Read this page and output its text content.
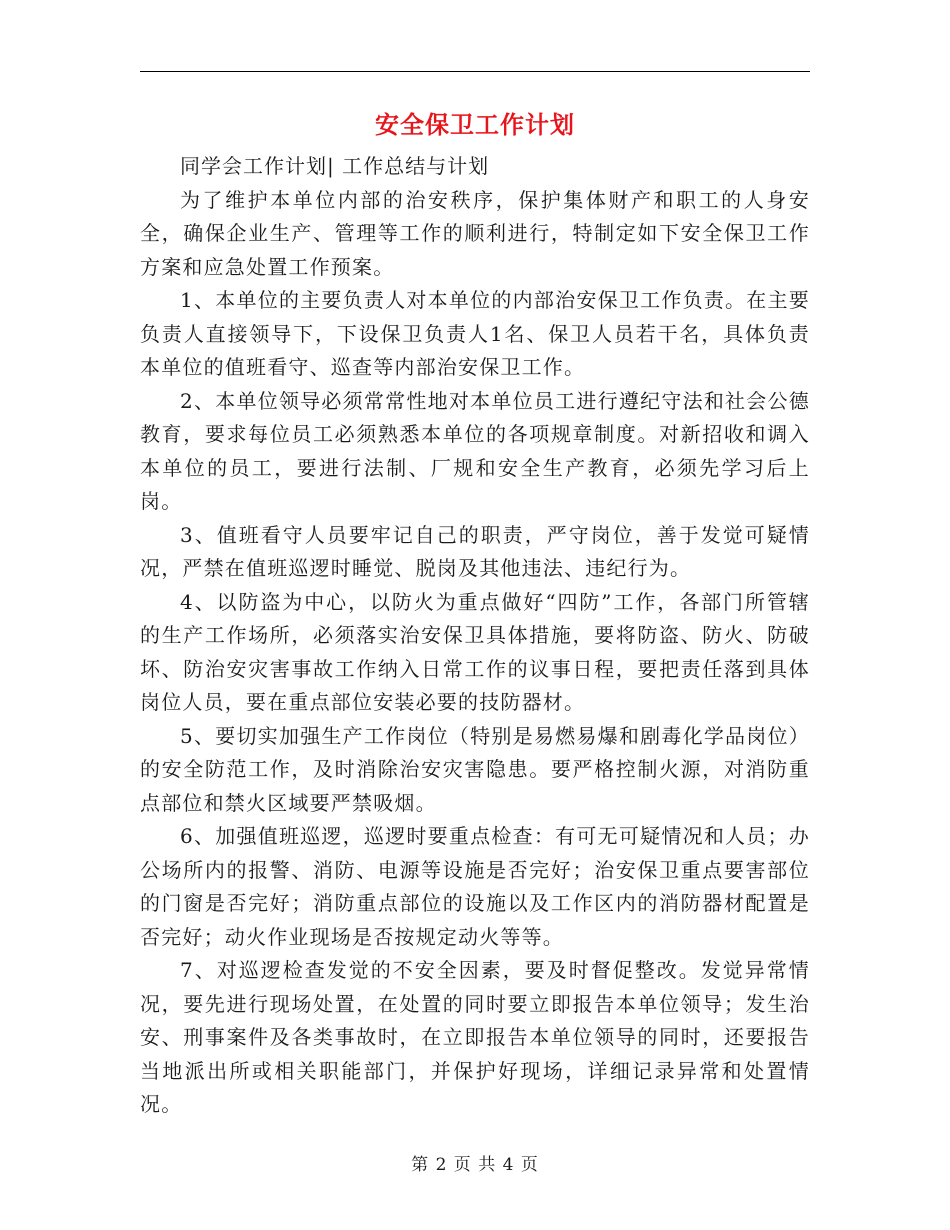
安全保卫工作计划

同学会工作计划| 工作总结与计划

为了维护本单位内部的治安秩序，保护集体财产和职工的人身安全，确保企业生产、管理等工作的顺利进行，特制定如下安全保卫工作方案和应急处置工作预案。

1、本单位的主要负责人对本单位的内部治安保卫工作负责。在主要负责人直接领导下，下设保卫负责人1名、保卫人员若干名，具体负责本单位的值班看守、巡查等内部治安保卫工作。

2、本单位领导必须常常性地对本单位员工进行遵纪守法和社会公德教育，要求每位员工必须熟悉本单位的各项规章制度。对新招收和调入本单位的员工，要进行法制、厂规和安全生产教育，必须先学习后上岗。

3、值班看守人员要牢记自己的职责，严守岗位，善于发觉可疑情况，严禁在值班巡逻时睡觉、脱岗及其他违法、违纪行为。

4、以防盗为中心，以防火为重点做好“四防”工作，各部门所管辖的生产工作场所，必须落实治安保卫具体措施，要将防盗、防火、防破坏、防治安灾害事故工作纳入日常工作的议事日程，要把责任落到具体岗位人员，要在重点部位安装必要的技防器材。

5、要切实加强生产工作岗位（特别是易燃易爆和剧毒化学品岗位）的安全防范工作，及时消除治安灾害隐患。要严格控制火源，对消防重点部位和禁火区域要严禁吸烟。

6、加强值班巡逻，巡逻时要重点检查：有可无可疑情况和人员；办公场所内的报警、消防、电源等设施是否完好；治安保卫重点要害部位的门窗是否完好；消防重点部位的设施以及工作区内的消防器材配置是否完好；动火作业现场是否按规定动火等等。

7、对巡逻检查发觉的不安全因素，要及时督促整改。发觉异常情况，要先进行现场处置，在处置的同时要立即报告本单位领导；发生治安、刑事案件及各类事故时，在立即报告本单位领导的同时，还要报告当地派出所或相关职能部门，并保护好现场，详细记录异常和处置情况。

第 2 页 共 4 页
